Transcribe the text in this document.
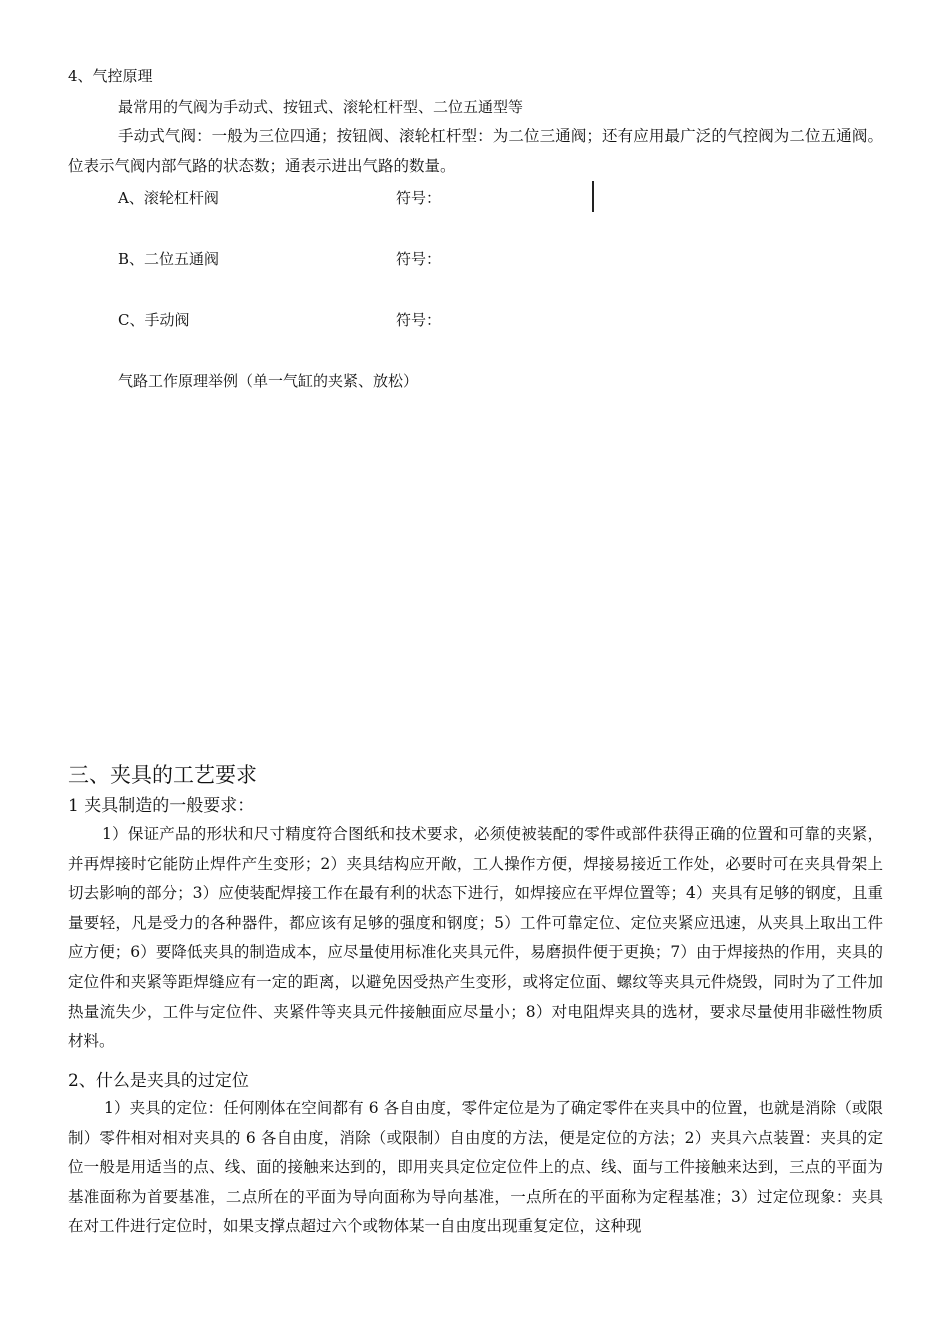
4、气控原理
最常用的气阀为手动式、按钮式、滚轮杠杆型、二位五通型等
手动式气阀：一般为三位四通；按钮阀、滚轮杠杆型：为二位三通阀；还有应用最广泛的气控阀为二位五通阀。位表示气阀内部气路的状态数；通表示进出气路的数量。
A、滚轮杠杆阀	符号：
B、二位五通阀	符号：
C、手动阀	符号：
气路工作原理举例（单一气缸的夹紧、放松）
三、夹具的工艺要求
1 夹具制造的一般要求：
1）保证产品的形状和尺寸精度符合图纸和技术要求，必须使被装配的零件或部件获得正确的位置和可靠的夹紧，并再焊接时它能防止焊件产生变形；2）夹具结构应开敞，工人操作方便，焊接易接近工作处，必要时可在夹具骨架上切去影响的部分；3）应使装配焊接工作在最有利的状态下进行，如焊接应在平焊位置等；4）夹具有足够的钢度，且重量要轻，凡是受力的各种器件，都应该有足够的强度和钢度；5）工件可靠定位、定位夹紧应迅速，从夹具上取出工件应方便；6）要降低夹具的制造成本，应尽量使用标准化夹具元件，易磨损件便于更换；7）由于焊接热的作用，夹具的定位件和夹紧等距焊缝应有一定的距离，以避免因受热产生变形，或将定位面、螺纹等夹具元件烧毁，同时为了工件加热量流失少，工件与定位件、夹紧件等夹具元件接触面应尽量小；8）对电阻焊夹具的选材，要求尽量使用非磁性物质材料。
2、什么是夹具的过定位
1）夹具的定位：任何刚体在空间都有 6 各自由度，零件定位是为了确定零件在夹具中的位置，也就是消除（或限制）零件相对相对夹具的 6 各自由度，消除（或限制）自由度的方法，便是定位的方法；2）夹具六点装置：夹具的定位一般是用适当的点、线、面的接触来达到的，即用夹具定位定位件上的点、线、面与工件接触来达到，三点的平面为基准面称为首要基准，二点所在的平面为导向面称为导向基准，一点所在的平面称为定程基准；3）过定位现象：夹具在对工件进行定位时，如果支撑点超过六个或物体某一自由度出现重复定位，这种现
